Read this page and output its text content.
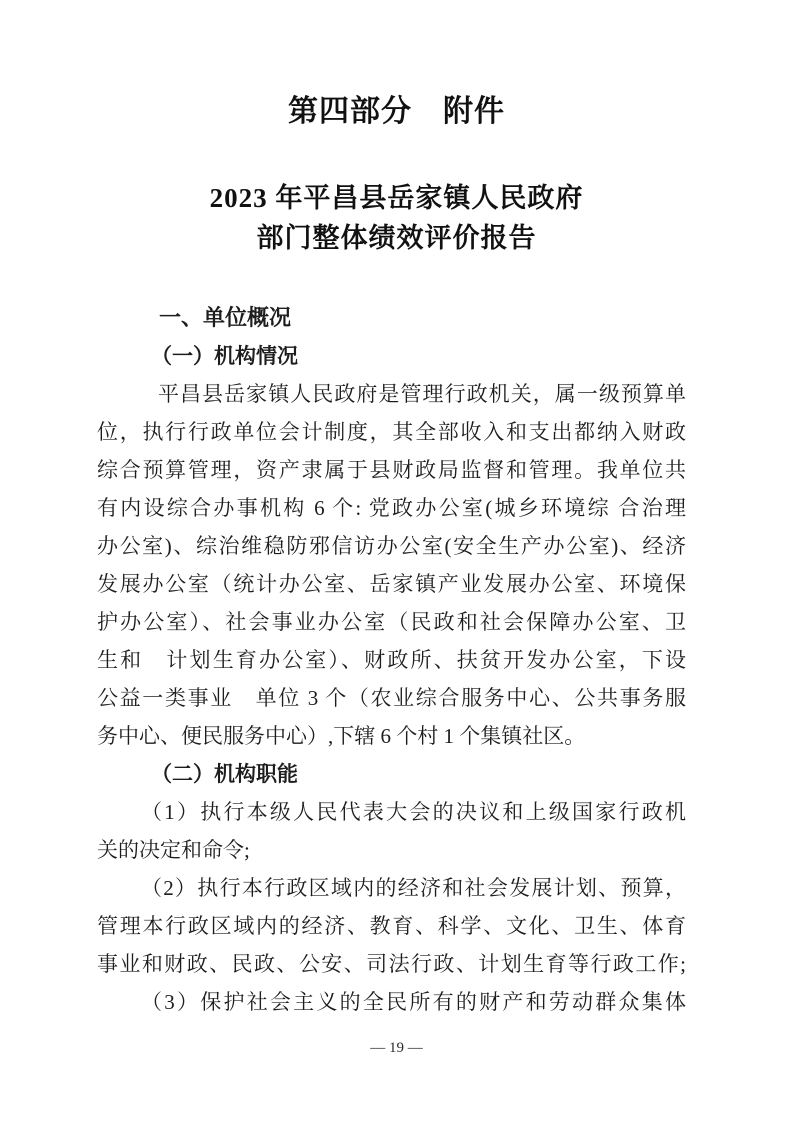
第四部分　附件
2023 年平昌县岳家镇人民政府
部门整体绩效评价报告
一、单位概况
（一）机构情况
平昌县岳家镇人民政府是管理行政机关，属一级预算单
位，执行行政单位会计制度，其全部收入和支出都纳入财政
综合预算管理，资产隶属于县财政局监督和管理。我单位共
有内设综合办事机构 6 个: 党政办公室(城乡环境综 合治理
办公室)、综治维稳防邪信访办公室(安全生产办公室)、经济
发展办公室（统计办公室、岳家镇产业发展办公室、环境保
护办公室）、社会事业办公室（民政和社会保障办公室、卫
生和　计划生育办公室）、财政所、扶贫开发办公室，下设
公益一类事业　单位 3 个（农业综合服务中心、公共事务服
务中心、便民服务中心）,下辖 6 个村 1 个集镇社区。
（二）机构职能
（1）执行本级人民代表大会的决议和上级国家行政机
关的决定和命令;
（2）执行本行政区域内的经济和社会发展计划、预算，
管理本行政区域内的经济、教育、科学、文化、卫生、体育
事业和财政、民政、公安、司法行政、计划生育等行政工作;
（3）保护社会主义的全民所有的财产和劳动群众集体
— 19 —
